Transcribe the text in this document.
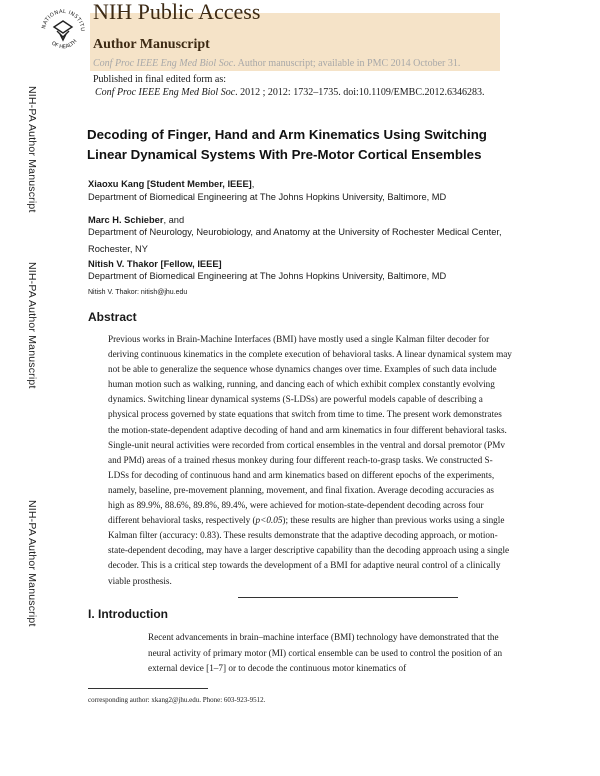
NATIONAL INSTITU
OF HEALTH
NIH Public Access
Author Manuscript
Conf Proc IEEE Eng Med Biol Soc. Author manuscript; available in PMC 2014 October 31.
Published in final edited form as:
Conf Proc IEEE Eng Med Biol Soc. 2012 ; 2012: 1732–1735. doi:10.1109/EMBC.2012.6346283.
NIH-PA Author Manuscript
NIH-PA Author Manuscript
NIH-PA Author Manuscript
Decoding of Finger, Hand and Arm Kinematics Using Switching Linear Dynamical Systems With Pre-Motor Cortical Ensembles
Xiaoxu Kang [Student Member, IEEE],
Department of Biomedical Engineering at The Johns Hopkins University, Baltimore, MD
Marc H. Schieber, and
Department of Neurology, Neurobiology, and Anatomy at the University of Rochester Medical Center, Rochester, NY
Nitish V. Thakor [Fellow, IEEE]
Department of Biomedical Engineering at The Johns Hopkins University, Baltimore, MD
Nitish V. Thakor: nitish@jhu.edu
Abstract
Previous works in Brain-Machine Interfaces (BMI) have mostly used a single Kalman filter decoder for deriving continuous kinematics in the complete execution of behavioral tasks. A linear dynamical system may not be able to generalize the sequence whose dynamics changes over time. Examples of such data include human motion such as walking, running, and dancing each of which exhibit complex constantly evolving dynamics. Switching linear dynamical systems (S-LDSs) are powerful models capable of describing a physical process governed by state equations that switch from time to time. The present work demonstrates the motion-state-dependent adaptive decoding of hand and arm kinematics in four different behavioral tasks. Single-unit neural activities were recorded from cortical ensembles in the ventral and dorsal premotor (PMv and PMd) areas of a trained rhesus monkey during four different reach-to-grasp tasks. We constructed S-LDSs for decoding of continuous hand and arm kinematics based on different epochs of the experiments, namely, baseline, pre-movement planning, movement, and final fixation. Average decoding accuracies as high as 89.9%, 88.6%, 89.8%, 89.4%, were achieved for motion-state-dependent decoding across four different behavioral tasks, respectively (p<0.05); these results are higher than previous works using a single Kalman filter (accuracy: 0.83). These results demonstrate that the adaptive decoding approach, or motion-state-dependent decoding, may have a larger descriptive capability than the decoding approach using a single decoder. This is a critical step towards the development of a BMI for adaptive neural control of a clinically viable prosthesis.
I. Introduction
Recent advancements in brain–machine interface (BMI) technology have demonstrated that the neural activity of primary motor (MI) cortical ensemble can be used to control the position of an external device [1–7] or to decode the continuous motor kinematics of
corresponding author: xkang2@jhu.edu. Phone: 603-923-9512.
